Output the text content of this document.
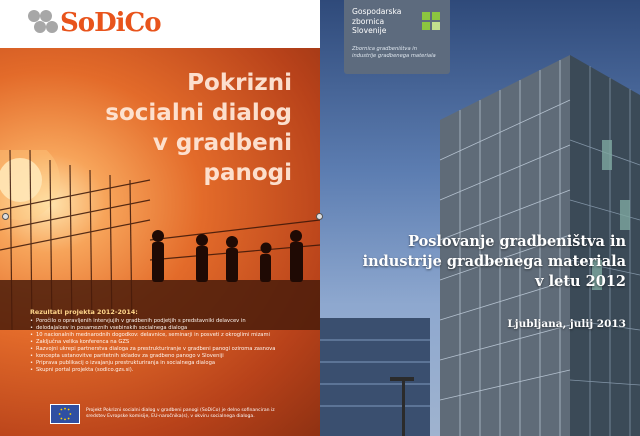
SoDiCo
Pokrizni
socialni dialog
v gradbeni
panogi
Rezultati projekta 2012-2014:
• Poročilo o opravljenih intervjujih v gradbenih podjetjih s predstavniki delavcev in
• delodajalcev in posameznih vsebinskih socialnega dialoga
• 10 nacionalnih mednarodnih dogodkov: delavnice, seminarji in posveti z okroglimi mizami
• Zaključna velika konferenca na GZS
• Razvojni ukrepi partnerstva dialoga za prestrukturiranje v gradbeni panogi oziroma zasnova
• koncepta ustanovitve paritetnih skladov za gradbeno panogo v Sloveniji
• Priprava publikacij o izvajanju prestrukturiranja in socialnega dialoga
• Skupni portal projekta (sodico.gzs.si).
Projekt Pokrizni socialni dialog v gradbeni panogi (SoDiCo) je delno sofinanciran iz
sredstev Evropske komisije, EU-naročnika(s), v okviru socialnega dialoga.
Gospodarska
zbornica
Slovenije
Zbornica gradbeništva in
industrije gradbenega materiala
Poslovanje gradbeništva in
industrije gradbenega materiala
v letu 2012
Ljubljana, julij 2013
